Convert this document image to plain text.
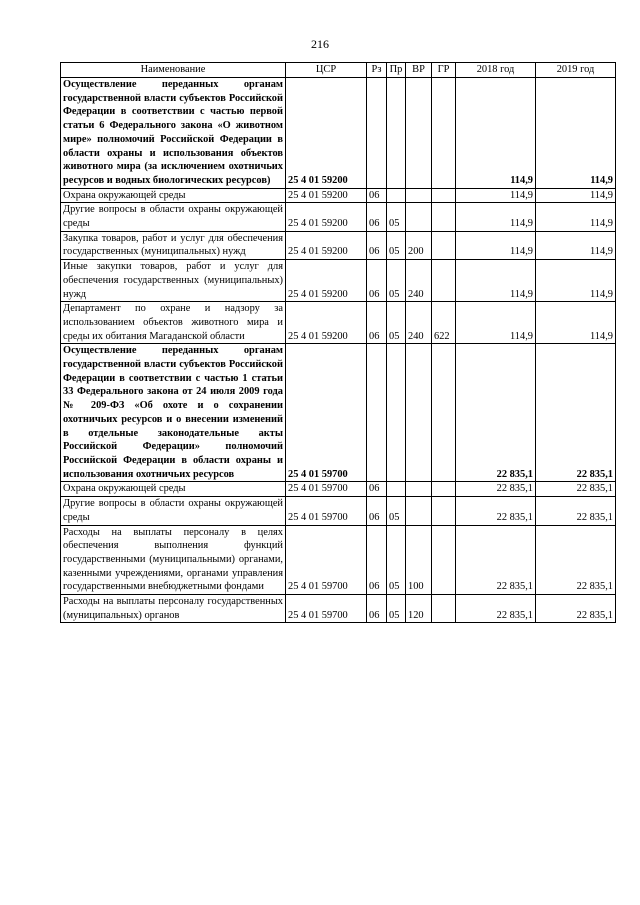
216
Наименование	ЦСР	Рз	Пр	ВР	ГР	2018 год	2019 год
Осуществление переданных органам государственной власти субъектов Российской Федерации в соответствии с частью первой статьи 6 Федерального закона «О животном мире» полномочий Российской Федерации в области охраны и использования объектов животного мира (за исключением охотничьих ресурсов и водных биологических ресурсов)	25 4 01 59200					114,9	114,9
Охрана окружающей среды	25 4 01 59200	06				114,9	114,9
Другие вопросы в области охраны окружающей среды	25 4 01 59200	06	05			114,9	114,9
Закупка товаров, работ и услуг для обеспечения государственных (муниципальных) нужд	25 4 01 59200	06	05	200		114,9	114,9
Иные закупки товаров, работ и услуг для обеспечения государственных (муниципальных) нужд	25 4 01 59200	06	05	240		114,9	114,9
Департамент по охране и надзору за использованием объектов животного мира и среды их обитания Магаданской области	25 4 01 59200	06	05	240	622	114,9	114,9
Осуществление переданных органам государственной власти субъектов Российской Федерации в соответствии с частью 1 статьи 33 Федерального закона от 24 июля 2009 года № 209-ФЗ «Об охоте и о сохранении охотничьих ресурсов и о внесении изменений в отдельные законодательные акты Российской Федерации» полномочий Российской Федерации в области охраны и использования охотничьих ресурсов	25 4 01 59700					22 835,1	22 835,1
Охрана окружающей среды	25 4 01 59700	06				22 835,1	22 835,1
Другие вопросы в области охраны окружающей среды	25 4 01 59700	06	05			22 835,1	22 835,1
Расходы на выплаты персоналу в целях обеспечения выполнения функций государственными (муниципальными) органами, казенными учреждениями, органами управления государственными внебюджетными фондами	25 4 01 59700	06	05	100		22 835,1	22 835,1
Расходы на выплаты персоналу государственных (муниципальных) органов	25 4 01 59700	06	05	120		22 835,1	22 835,1
